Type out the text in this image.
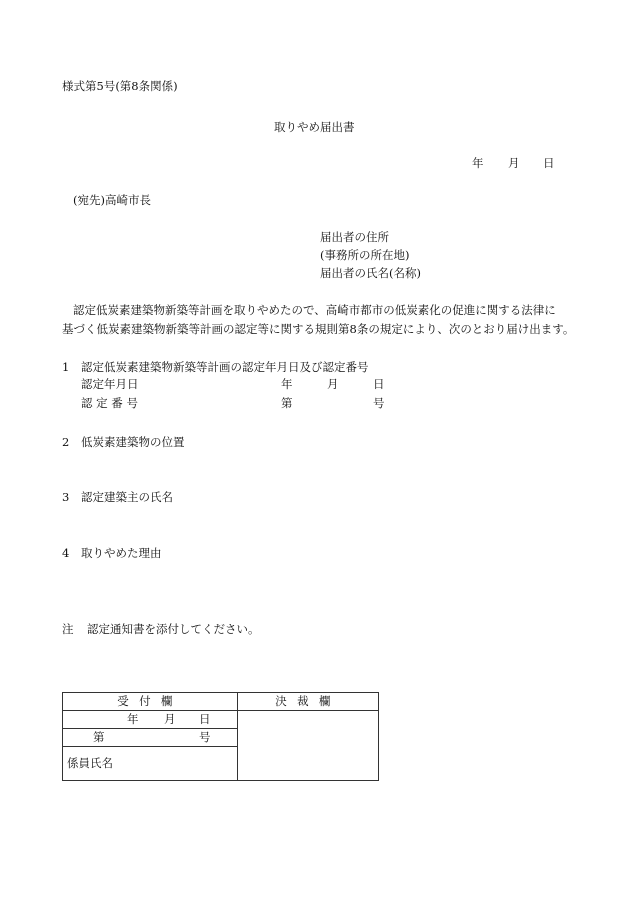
様式第5号(第8条関係)
取りやめ届出書
年 月 日
(宛先)高崎市長
届出者の住所
(事務所の所在地)
届出者の氏名(名称)
認定低炭素建築物新築等計画を取りやめたので、高崎市都市の低炭素化の促進に関する法律に
基づく低炭素建築物新築等計画の認定等に関する規則第8条の規定により、次のとおり届け出ます。
1 認定低炭素建築物新築等計画の認定年月日及び認定番号
認定年月日	年	月	日
認 定 番 号	第	号
2 低炭素建築物の位置
3 認定建築主の氏名
4 取りやめた理由
注 認定通知書を添付してください。
受付欄	決裁欄

年 月 日	

第 号	

係員氏名	
